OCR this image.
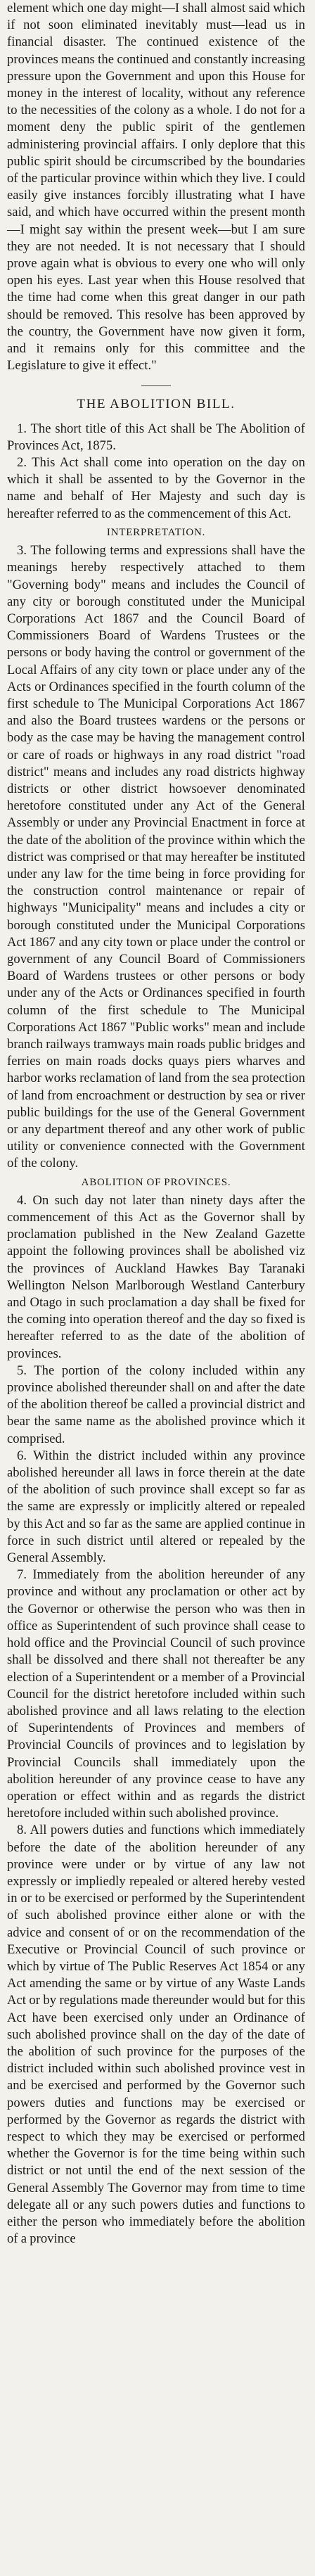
element which one day might—I shall almost said which if not soon eliminated inevitably must—lead us in financial disaster. The continued existence of the provinces means the continued and constantly increasing pressure upon the Government and upon this House for money in the interest of locality, without any reference to the necessities of the colony as a whole. I do not for a moment deny the public spirit of the gentlemen administering provincial affairs. I only deplore that this public spirit should be circumscribed by the boundaries of the particular province within which they live. I could easily give instances forcibly illustrating what I have said, and which have occurred within the present month—I might say within the present week—but I am sure they are not needed. It is not necessary that I should prove again what is obvious to every one who will only open his eyes. Last year when this House resolved that the time had come when this great danger in our path should be removed. This resolve has been approved by the country, the Government have now given it form, and it remains only for this committee and the Legislature to give it effect."

THE ABOLITION BILL.

1. The short title of this Act shall be The Abolition of Provinces Act, 1875.

2. This Act shall come into operation on the day on which it shall be assented to by the Governor in the name and behalf of Her Majesty and such day is hereafter referred to as the commencement of this Act.

INTERPRETATION.

3. The following terms and expressions shall have the meanings hereby respectively attached to them "Governing body" means and includes the Council of any city or borough constituted under the Municipal Corporations Act 1867 and the Council Board of Commissioners Board of Wardens Trustees or the persons or body having the control or government of the Local Affairs of any city town or place under any of the Acts or Ordinances specified in the fourth column of the first schedule to The Municipal Corporations Act 1867 and also the Board trustees wardens or the persons or body as the case may be having the management control or care of roads or highways in any road district "road district" means and includes any road districts highway districts or other district howsoever denominated heretofore constituted under any Act of the General Assembly or under any Provincial Enactment in force at the date of the abolition of the province within which the district was comprised or that may hereafter be instituted under any law for the time being in force providing for the construction control maintenance or repair of highways "Municipality" means and includes a city or borough constituted under the Municipal Corporations Act 1867 and any city town or place under the control or government of any Council Board of Commissioners Board of Wardens trustees or other persons or body under any of the Acts or Ordinances specified in fourth column of the first schedule to The Municipal Corporations Act 1867 "Public works" mean and include branch railways tramways main roads public bridges and ferries on main roads docks quays piers wharves and harbor works reclamation of land from the sea protection of land from encroachment or destruction by sea or river public buildings for the use of the General Government or any department thereof and any other work of public utility or convenience connected with the Government of the colony.

ABOLITION OF PROVINCES.

4. On such day not later than ninety days after the commencement of this Act as the Governor shall by proclamation published in the New Zealand Gazette appoint the following provinces shall be abolished viz the provinces of Auckland Hawkes Bay Taranaki Wellington Nelson Marlborough Westland Canterbury and Otago in such proclamation a day shall be fixed for the coming into operation thereof and the day so fixed is hereafter referred to as the date of the abolition of provinces.

5. The portion of the colony included within any province abolished thereunder shall on and after the date of the abolition thereof be called a provincial district and bear the same name as the abolished province which it comprised.

6. Within the district included within any province abolished hereunder all laws in force therein at the date of the abolition of such province shall except so far as the same are expressly or implicitly altered or repealed by this Act and so far as the same are applied continue in force in such district until altered or repealed by the General Assembly.

7. Immediately from the abolition hereunder of any province and without any proclamation or other act by the Governor or otherwise the person who was then in office as Superintendent of such province shall cease to hold office and the Provincial Council of such province shall be dissolved and there shall not thereafter be any election of a Superintendent or a member of a Provincial Council for the district heretofore included within such abolished province and all laws relating to the election of Superintendents of Provinces and members of Provincial Councils of provinces and to legislation by Provincial Councils shall immediately upon the abolition hereunder of any province cease to have any operation or effect within and as regards the district heretofore included within such abolished province.

8. All powers duties and functions which immediately before the date of the abolition hereunder of any province were under or by virtue of any law not expressly or impliedly repealed or altered hereby vested in or to be exercised or performed by the Superintendent of such abolished province either alone or with the advice and consent of or on the recommendation of the Executive or Provincial Council of such province or which by virtue of The Public Reserves Act 1854 or any Act amending the same or by virtue of any Waste Lands Act or by regulations made thereunder would but for this Act have been exercised only under an Ordinance of such abolished province shall on the day of the date of the abolition of such province for the purposes of the district included within such abolished province vest in and be exercised and performed by the Governor such powers duties and functions may be exercised or performed by the Governor as regards the district with respect to which they may be exercised or performed whether the Governor is for the time being within such district or not until the end of the next session of the General Assembly The Governor may from time to time delegate all or any such powers duties and functions to either the person who immediately before the abolition of a province
